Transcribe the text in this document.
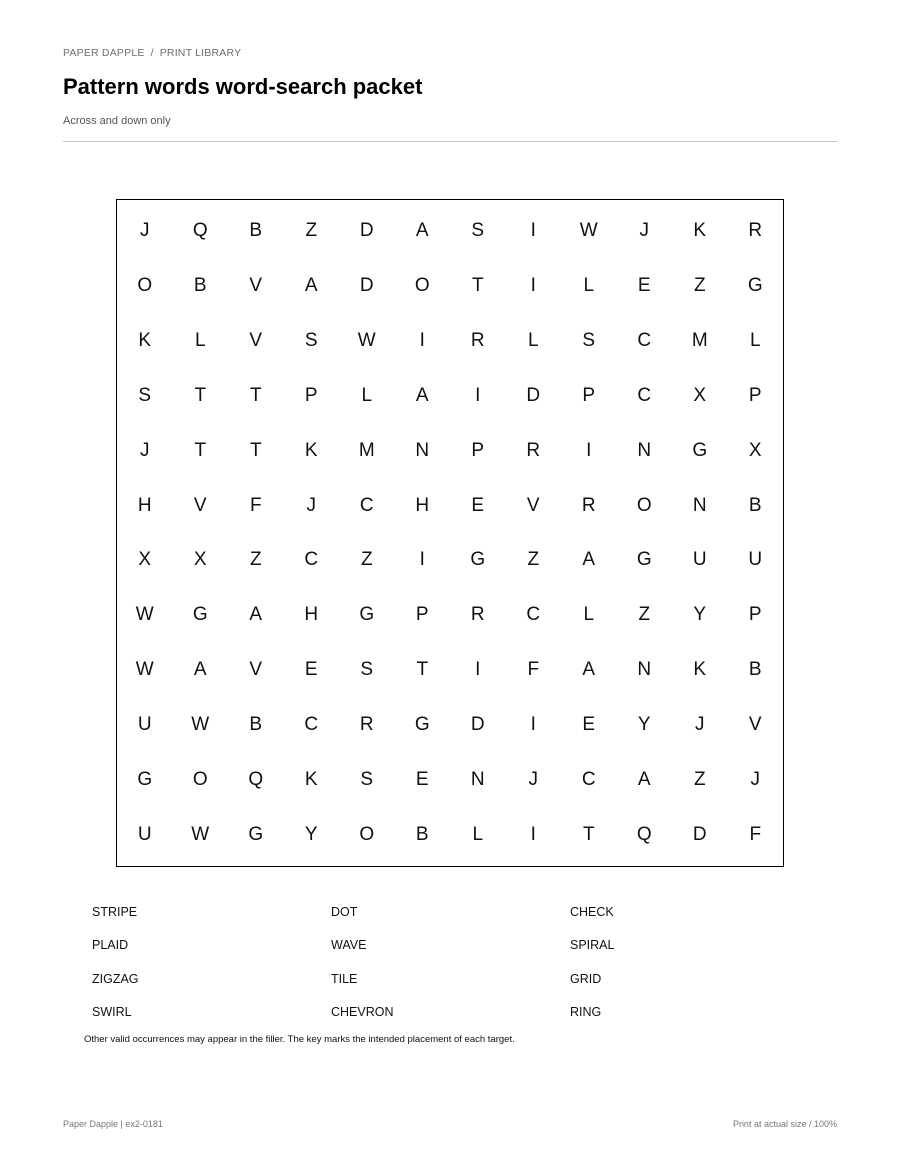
PAPER DAPPLE / PRINT LIBRARY
Pattern words word-search packet
Across and down only
J	Q	B	Z	D	A	S	I	W	J	K	R
O	B	V	A	D	O	T	I	L	E	Z	G
K	L	V	S	W	I	R	L	S	C	M	L
S	T	T	P	L	A	I	D	P	C	X	P
J	T	T	K	M	N	P	R	I	N	G	X
H	V	F	J	C	H	E	V	R	O	N	B
X	X	Z	C	Z	I	G	Z	A	G	U	U
W	G	A	H	G	P	R	C	L	Z	Y	P
W	A	V	E	S	T	I	F	A	N	K	B
U	W	B	C	R	G	D	I	E	Y	J	V
G	O	Q	K	S	E	N	J	C	A	Z	J
U	W	G	Y	O	B	L	I	T	Q	D	F
STRIPE	DOT	CHECK
PLAID	WAVE	SPIRAL
ZIGZAG	TILE	GRID
SWIRL	CHEVRON	RING
Other valid occurrences may appear in the filler. The key marks the intended placement of each target.
Paper Dapple | ex2-0181	Print at actual size / 100%
